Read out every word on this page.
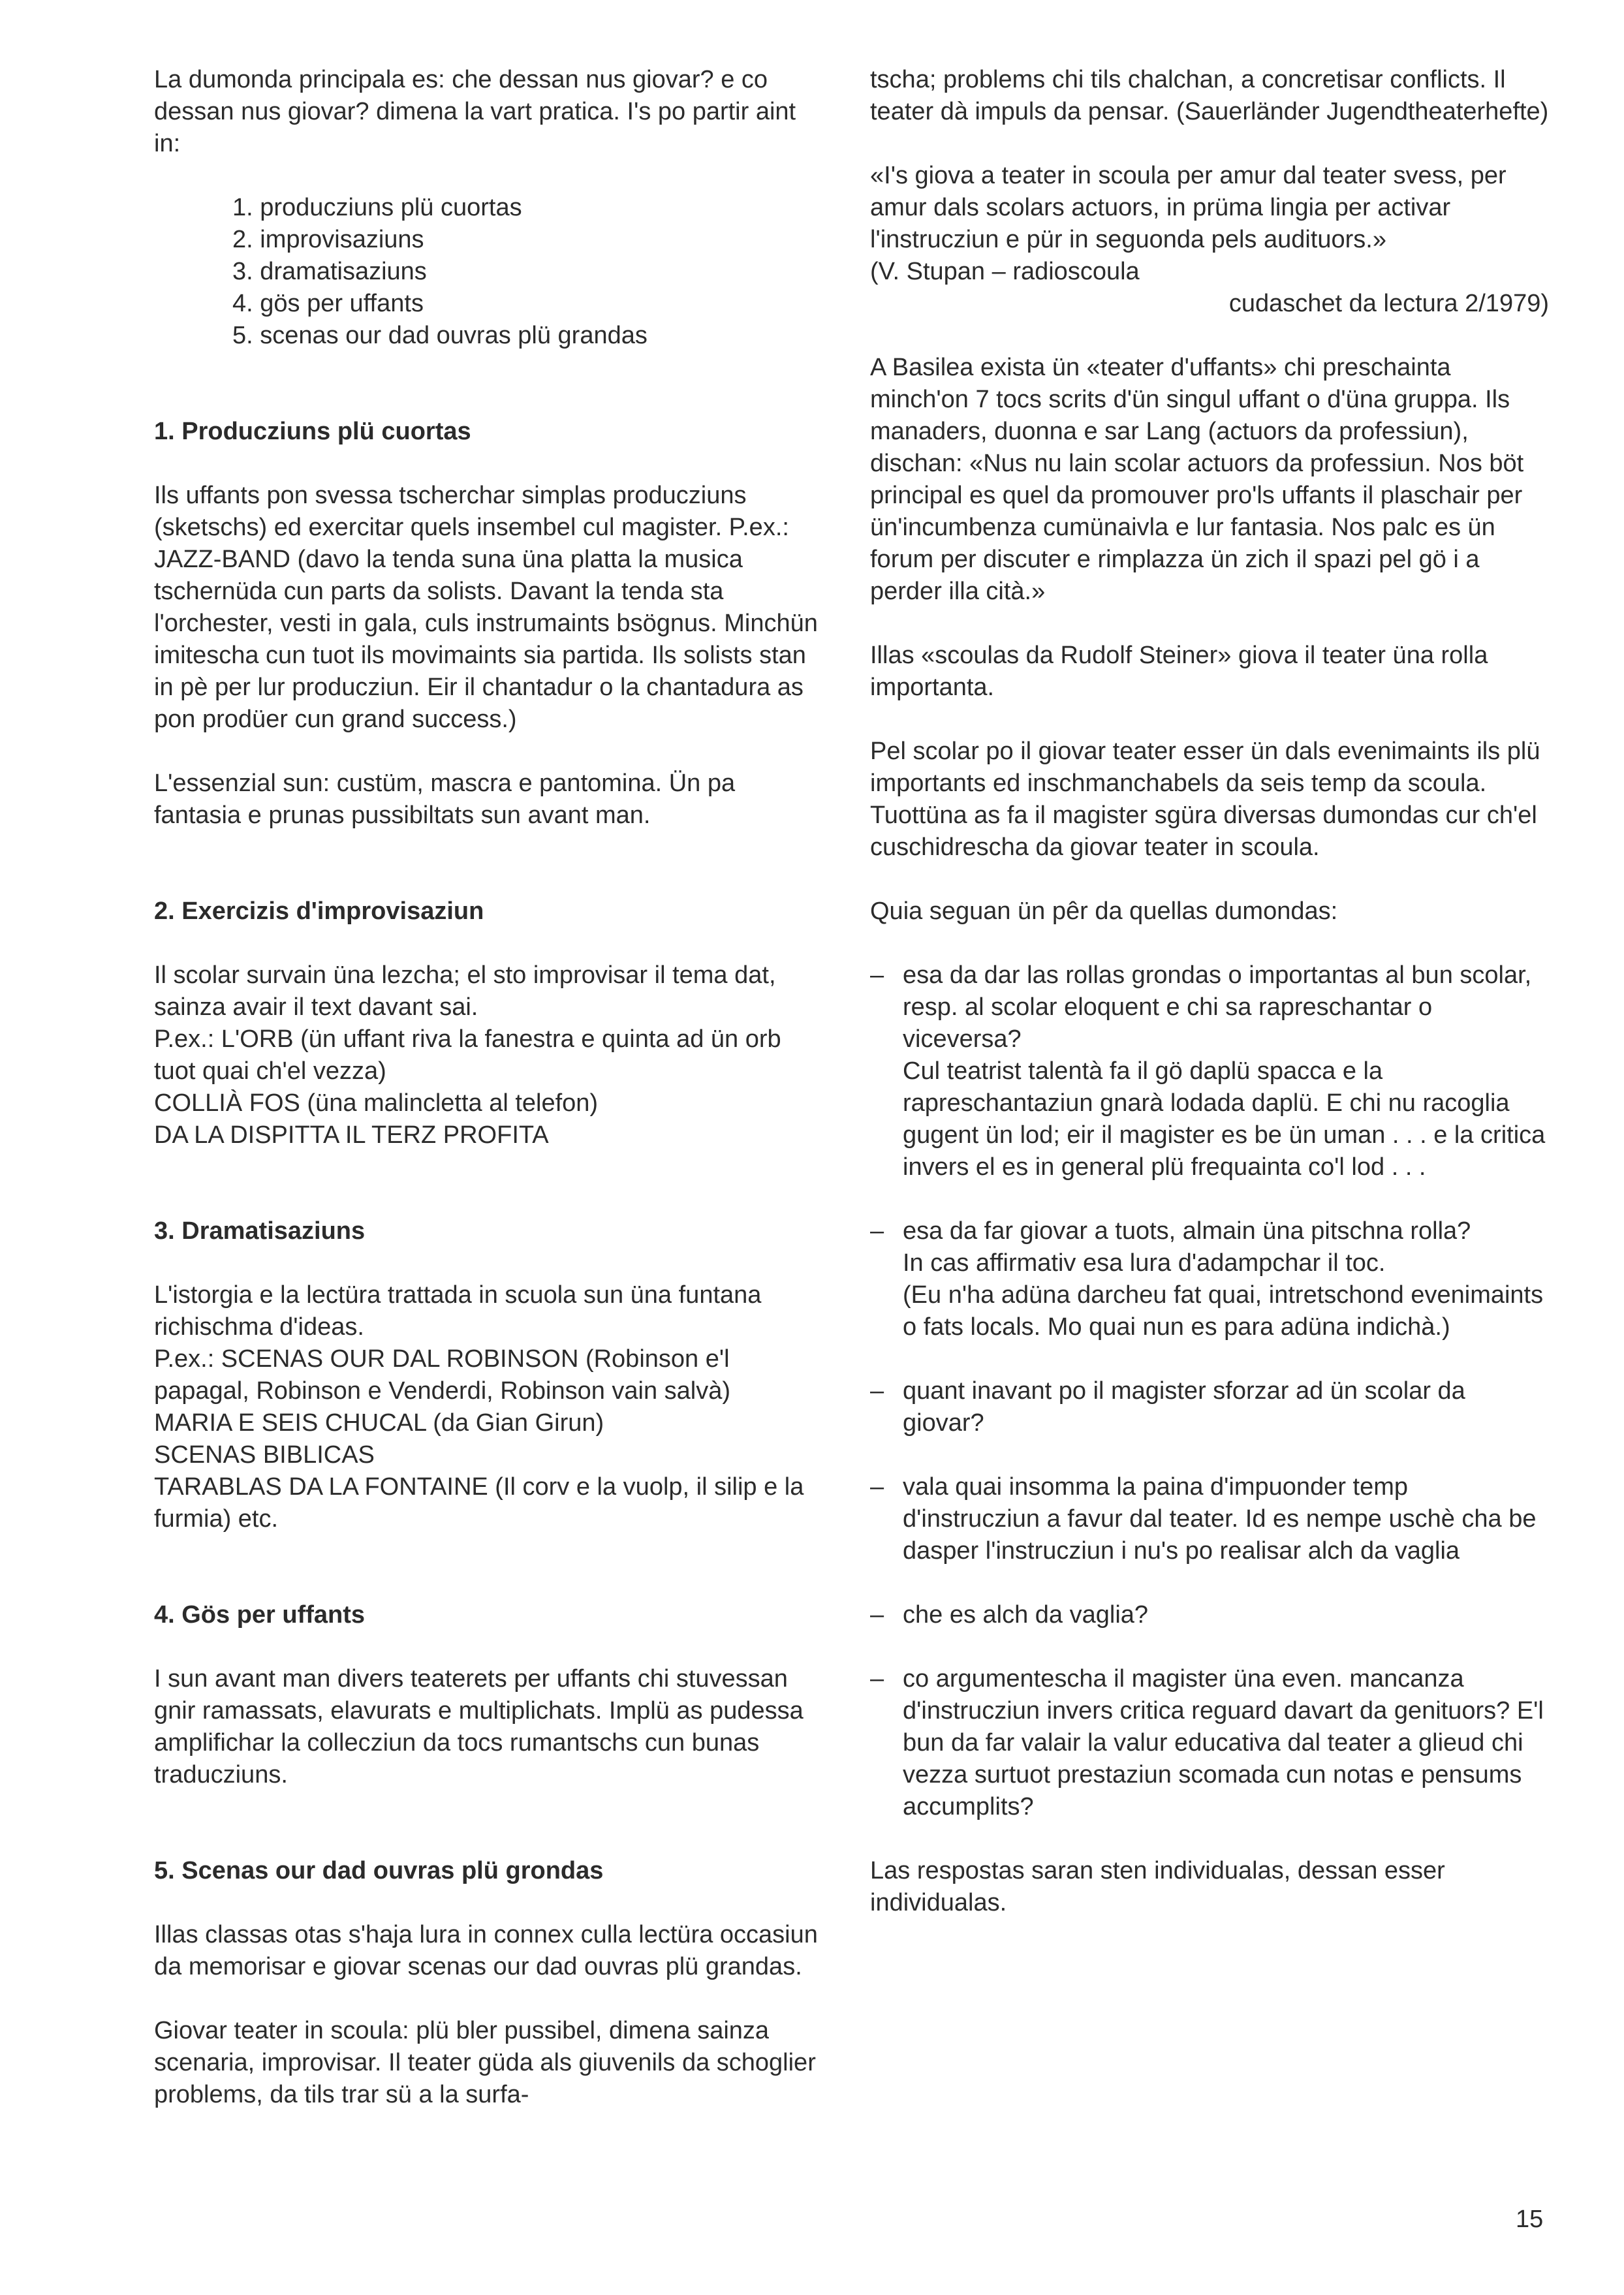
La dumonda principala es: che dessan nus giovar? e co dessan nus giovar? dimena la vart pratica. I's po partir aint in:

1. producziuns plü cuortas
2. improvisaziuns
3. dramatisaziuns
4. gös per uffants
5. scenas our dad ouvras plü grandas

1. Producziuns plü cuortas

Ils uffants pon svessa tscherchar simplas producziuns (sketschs) ed exercitar quels insembel cul magister. P.ex.: JAZZ-BAND (davo la tenda suna üna platta la musica tschernüda cun parts da solists. Davant la tenda sta l'orchester, vesti in gala, culs instrumaints bsögnus. Minchün imitescha cun tuot ils movimaints sia partida. Ils solists stan in pè per lur producziun. Eir il chantadur o la chantadura as pon prodüer cun grand success.)

L'essenzial sun: custüm, mascra e pantomina. Ün pa fantasia e prunas pussibiltats sun avant man.

2. Exercizis d'improvisaziun

Il scolar survain üna lezcha; el sto improvisar il tema dat, sainza avair il text davant sai.

P.ex.: L'ORB (ün uffant riva la fanestra e quinta ad ün orb tuot quai ch'el vezza)
COLLIÀ FOS (üna malincletta al telefon)
DA LA DISPITTA IL TERZ PROFITA

3. Dramatisaziuns

L'istorgia e la lectüra trattada in scuola sun üna funtana richischma d'ideas.

P.ex.: SCENAS OUR DAL ROBINSON (Robinson e'l papagal, Robinson e Venderdi, Robinson vain salvà)
MARIA E SEIS CHUCAL (da Gian Girun)
SCENAS BIBLICAS
TARABLAS DA LA FONTAINE (Il corv e la vuolp, il silip e la furmia) etc.

4. Gös per uffants

I sun avant man divers teaterets per uffants chi stuvessan gnir ramassats, elavurats e multiplichats. Implü as pudessa amplifichar la collecziun da tocs rumantschs cun bunas traducziuns.

5. Scenas our dad ouvras plü grondas

Illas classas otas s'haja lura in connex culla lectüra occasiun da memorisar e giovar scenas our dad ouvras plü grandas.

Giovar teater in scoula: plü bler pussibel, dimena sainza scenaria, improvisar. Il teater güda als giuvenils da schoglier problems, da tils trar sü a la surfa-

tscha; problems chi tils chalchan, a concretisar conflicts. Il teater dà impuls da pensar. (Sauerländer Jugendtheaterhefte)

«I's giova a teater in scoula per amur dal teater svess, per amur dals scolars actuors, in prüma lingia per activar l'instrucziun e pür in seguonda pels audituors.»

(V. Stupan – radioscoula
cudaschet da lectura 2/1979)

A Basilea exista ün «teater d'uffants» chi preschainta minch'on 7 tocs scrits d'ün singul uffant o d'üna gruppa. Ils manaders, duonna e sar Lang (actuors da professiun), dischan: «Nus nu lain scolar actuors da professiun. Nos böt principal es quel da promouver pro'ls uffants il plaschair per ün'incumbenza cumünaivla e lur fantasia. Nos palc es ün forum per discuter e rimplazza ün zich il spazi pel gö i a perder illa cità.»

Illas «scoulas da Rudolf Steiner» giova il teater üna rolla importanta.

Pel scolar po il giovar teater esser ün dals evenimaints ils plü importants ed inschmanchabels da seis temp da scoula. Tuottüna as fa il magister sgüra diversas dumondas cur ch'el cuschidrescha da giovar teater in scoula.

Quia seguan ün pêr da quellas dumondas:

– esa da dar las rollas grondas o importantas al bun scolar, resp. al scolar eloquent e chi sa rapreschantar o viceversa?
Cul teatrist talentà fa il gö daplü spacca e la rapreschantaziun gnarà lodada daplü. E chi nu racoglia gugent ün lod; eir il magister es be ün uman . . . e la critica invers el es in general plü frequainta co'l lod . . .
– esa da far giovar a tuots, almain üna pitschna rolla?
In cas affirmativ esa lura d'adampchar il toc.
(Eu n'ha adüna darcheu fat quai, intretschond evenimaints o fats locals. Mo quai nun es para adüna indichà.)
– quant inavant po il magister sforzar ad ün scolar da giovar?
– vala quai insomma la paina d'impuonder temp d'instrucziun a favur dal teater. Id es nempe uschè cha be dasper l'instrucziun i nu's po realisar alch da vaglia
– che es alch da vaglia?
– co argumentescha il magister üna even. mancanza d'instrucziun invers critica reguard davart da genituors? E'l bun da far valair la valur educativa dal teater a glieud chi vezza surtuot prestaziun scomada cun notas e pensums accumplits?

Las respostas saran sten individualas, dessan esser individualas.

15
